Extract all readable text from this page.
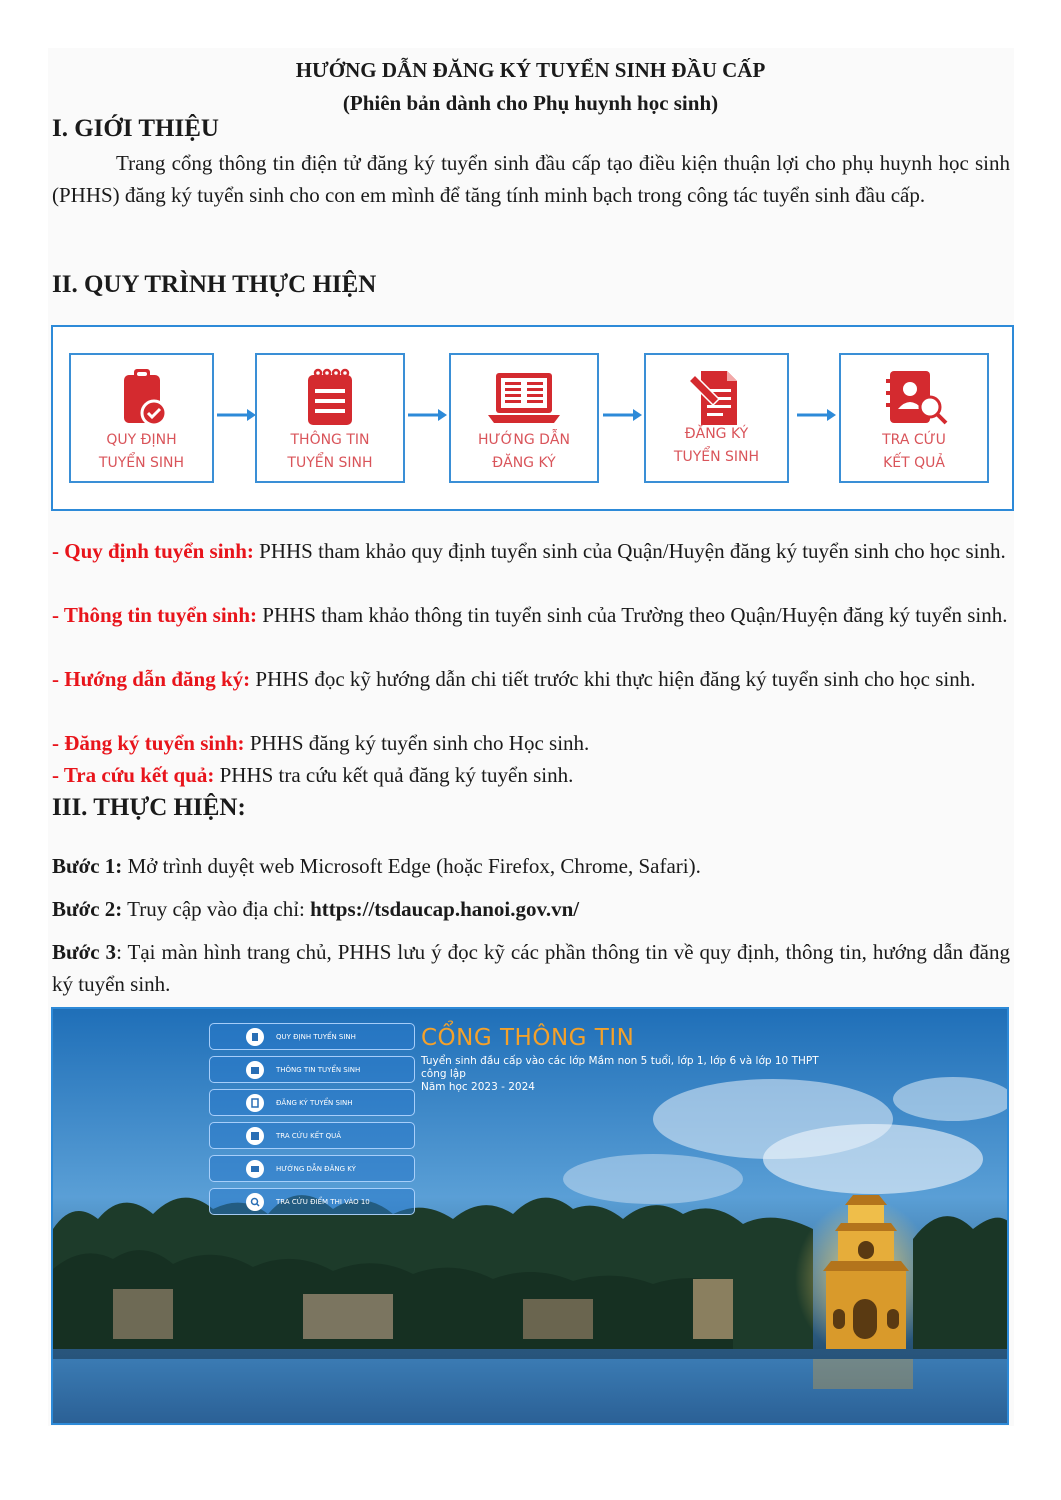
HƯỚNG DẪN ĐĂNG KÝ TUYỂN SINH ĐẦU CẤP
(Phiên bản dành cho Phụ huynh học sinh)
I. GIỚI THIỆU
Trang cổng thông tin điện tử đăng ký tuyển sinh đầu cấp tạo điều kiện thuận lợi cho phụ huynh học sinh (PHHS) đăng ký tuyển sinh cho con em mình để tăng tính minh bạch trong công tác tuyển sinh đầu cấp.
II. QUY TRÌNH THỰC HIỆN
QUY ĐỊNH
TUYỂN SINH
THÔNG TIN
TUYỂN SINH
HƯỚNG DẪN
ĐĂNG KÝ
ĐĂNG KÝ
TUYỂN SINH
TRA CỨU
KẾT QUẢ
- Quy định tuyển sinh: PHHS tham khảo quy định tuyển sinh của Quận/Huyện đăng ký tuyển sinh cho học sinh.
- Thông tin tuyển sinh: PHHS tham khảo thông tin tuyển sinh của Trường theo Quận/Huyện đăng ký tuyển sinh.
- Hướng dẫn đăng ký: PHHS đọc kỹ hướng dẫn chi tiết trước khi thực hiện đăng ký tuyển sinh cho học sinh.
- Đăng ký tuyển sinh: PHHS đăng ký tuyển sinh cho Học sinh.
- Tra cứu kết quả: PHHS tra cứu kết quả đăng ký tuyển sinh.
III. THỰC HIỆN:
Bước 1: Mở trình duyệt web Microsoft Edge (hoặc Firefox, Chrome, Safari).
Bước 2: Truy cập vào địa chỉ: https://tsdaucap.hanoi.gov.vn/
Bước 3: Tại màn hình trang chủ, PHHS lưu ý đọc kỹ các phần thông tin về quy định, thông tin, hướng dẫn đăng ký tuyển sinh.
CỔNG THÔNG TIN
Tuyển sinh đầu cấp vào các lớp Mầm non 5 tuổi, lớp 1, lớp 6 và lớp 10 THPT
công lập
Năm học 2023 - 2024
QUY ĐỊNH TUYỂN SINH
THÔNG TIN TUYỂN SINH
ĐĂNG KÝ TUYỂN SINH
TRA CỨU KẾT QUẢ
HƯỚNG DẪN ĐĂNG KÝ
TRA CỨU ĐIỂM THI VÀO 10
